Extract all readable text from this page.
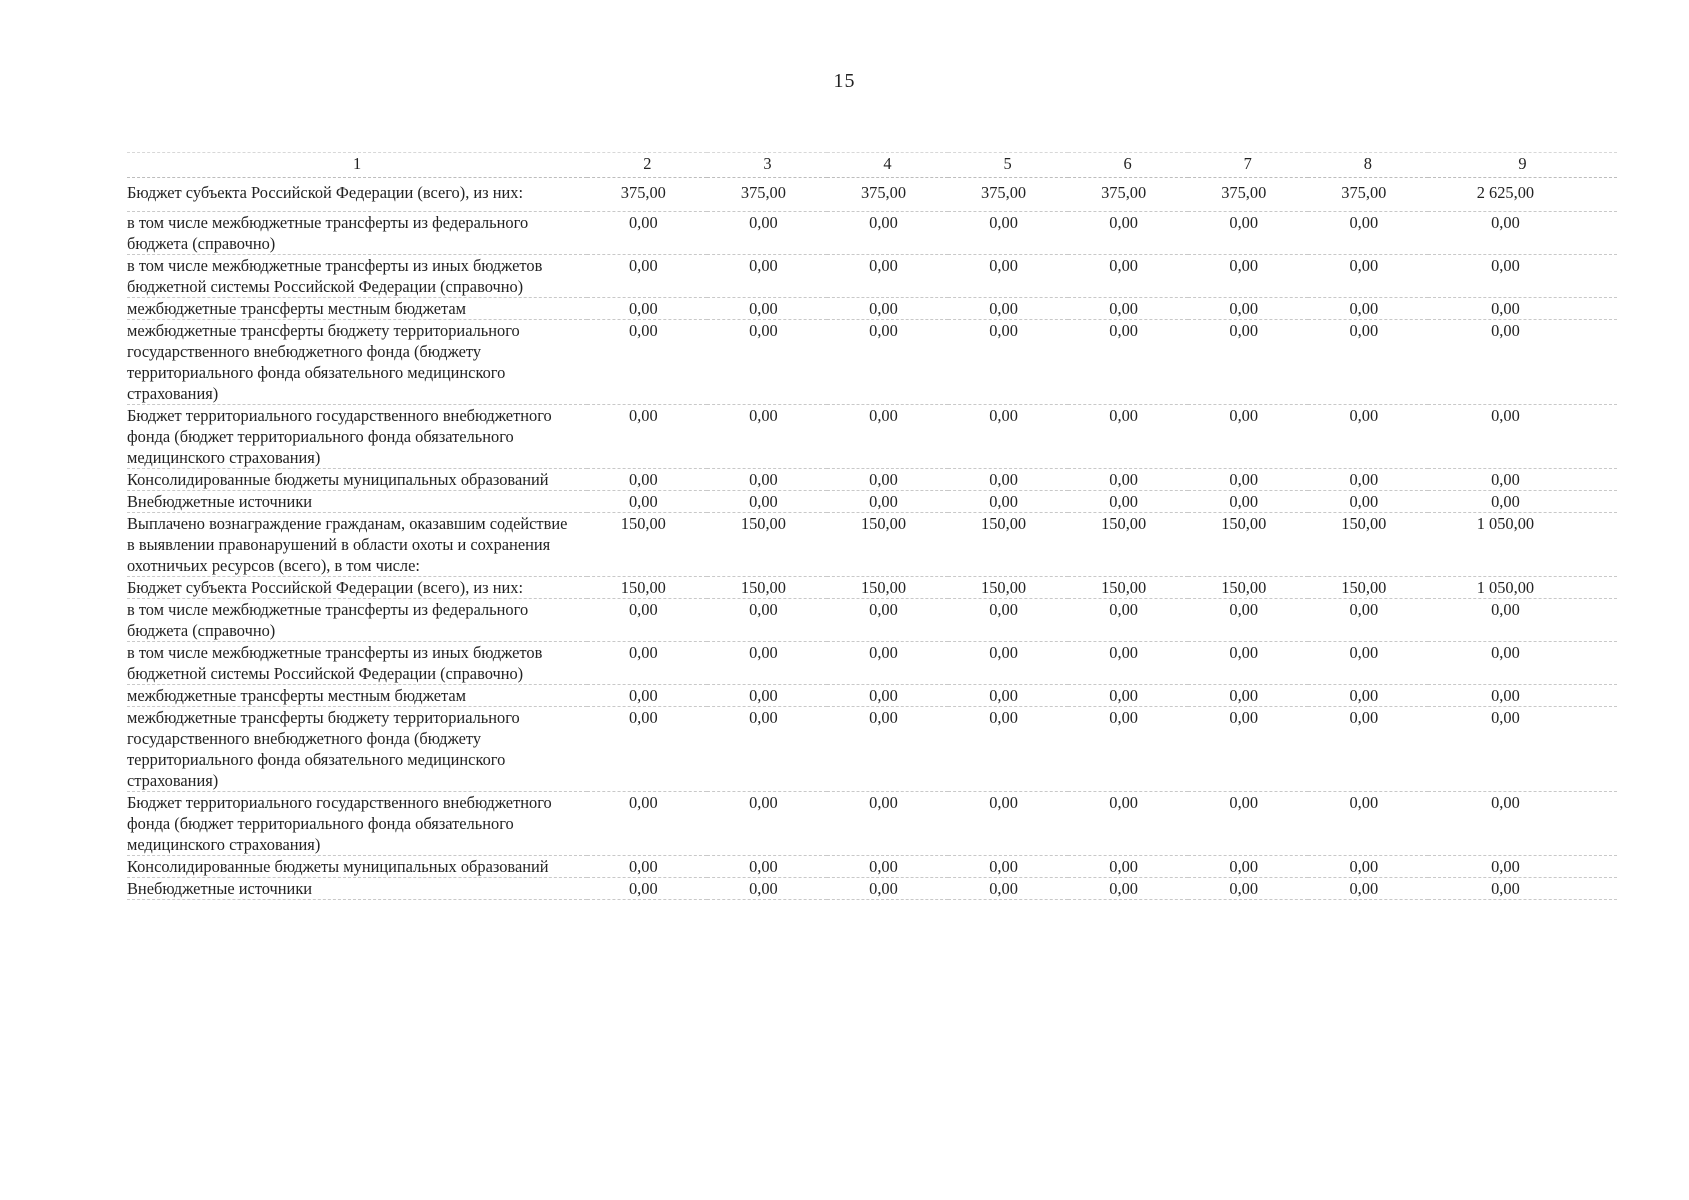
15
1	2	3	4	5	6	7	8	9
Бюджет субъекта Российской Федерации (всего), из них:	375,00	375,00	375,00	375,00	375,00	375,00	375,00	2 625,00
в том числе межбюджетные трансферты из федерального бюджета (справочно)	0,00	0,00	0,00	0,00	0,00	0,00	0,00	0,00
в том числе межбюджетные трансферты из иных бюджетов бюджетной системы Российской Федерации (справочно)	0,00	0,00	0,00	0,00	0,00	0,00	0,00	0,00
межбюджетные трансферты местным бюджетам	0,00	0,00	0,00	0,00	0,00	0,00	0,00	0,00
межбюджетные трансферты бюджету территориального государственного внебюджетного фонда (бюджету территориального фонда обязательного медицинского страхования)	0,00	0,00	0,00	0,00	0,00	0,00	0,00	0,00
Бюджет территориального государственного внебюджетного фонда (бюджет территориального фонда обязательного медицинского страхования)	0,00	0,00	0,00	0,00	0,00	0,00	0,00	0,00
Консолидированные бюджеты муниципальных образований	0,00	0,00	0,00	0,00	0,00	0,00	0,00	0,00
Внебюджетные источники	0,00	0,00	0,00	0,00	0,00	0,00	0,00	0,00
Выплачено вознаграждение гражданам, оказавшим содействие в выявлении правонарушений в области охоты и сохранения охотничьих ресурсов (всего), в том числе:	150,00	150,00	150,00	150,00	150,00	150,00	150,00	1 050,00
Бюджет субъекта Российской Федерации (всего), из них:	150,00	150,00	150,00	150,00	150,00	150,00	150,00	1 050,00
в том числе межбюджетные трансферты из федерального бюджета (справочно)	0,00	0,00	0,00	0,00	0,00	0,00	0,00	0,00
в том числе межбюджетные трансферты из иных бюджетов бюджетной системы Российской Федерации (справочно)	0,00	0,00	0,00	0,00	0,00	0,00	0,00	0,00
межбюджетные трансферты местным бюджетам	0,00	0,00	0,00	0,00	0,00	0,00	0,00	0,00
межбюджетные трансферты бюджету территориального государственного внебюджетного фонда (бюджету территориального фонда обязательного медицинского страхования)	0,00	0,00	0,00	0,00	0,00	0,00	0,00	0,00
Бюджет территориального государственного внебюджетного фонда (бюджет территориального фонда обязательного медицинского страхования)	0,00	0,00	0,00	0,00	0,00	0,00	0,00	0,00
Консолидированные бюджеты муниципальных образований	0,00	0,00	0,00	0,00	0,00	0,00	0,00	0,00
Внебюджетные источники	0,00	0,00	0,00	0,00	0,00	0,00	0,00	0,00
